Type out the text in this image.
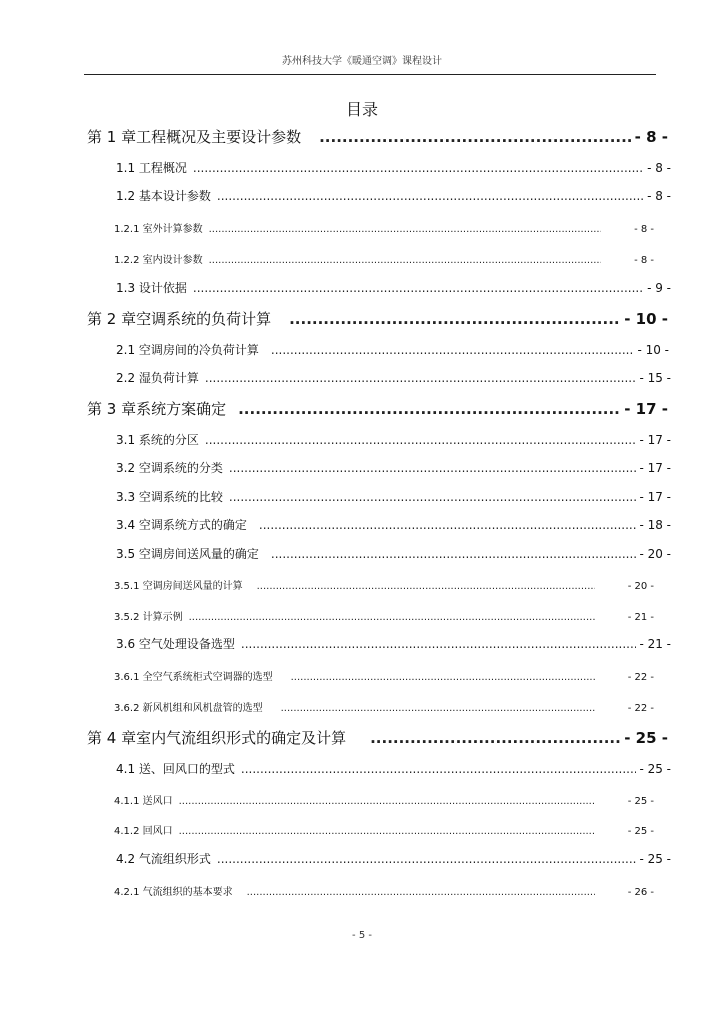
苏州科技大学《暖通空调》课程设计
目录
第 1 章工程概况及主要设计参数 .....	- 8 -
1.1 工程概况 .....	- 8 -
1.2 基本设计参数 .....	- 8 -
1.2.1 室外计算参数 .....	- 8 -
1.2.2 室内设计参数 .....	- 8 -
1.3 设计依据 .....	- 9 -
第 2 章空调系统的负荷计算 .....	- 10 -
2.1 空调房间的冷负荷计算 .....	- 10 -
2.2 湿负荷计算 .....	- 15 -
第 3 章系统方案确定 .....	- 17 -
3.1 系统的分区 .....	- 17 -
3.2 空调系统的分类 .....	- 17 -
3.3 空调系统的比较 .....	- 17 -
3.4 空调系统方式的确定 .....	- 18 -
3.5 空调房间送风量的确定 .....	- 20 -
3.5.1 空调房间送风量的计算 .....	- 20 -
3.5.2 计算示例 .....	- 21 -
3.6 空气处理设备选型 .....	- 21 -
3.6.1 全空气系统柜式空调器的选型 .....	- 22 -
3.6.2 新风机组和风机盘管的选型 .....	- 22 -
第 4 章室内气流组织形式的确定及计算 .....	- 25 -
4.1 送、回风口的型式 .....	- 25 -
4.1.1 送风口 .....	- 25 -
4.1.2 回风口 .....	- 25 -
4.2 气流组织形式 .....	- 25 -
4.2.1 气流组织的基本要求 .....	- 26 -
- 5 -
